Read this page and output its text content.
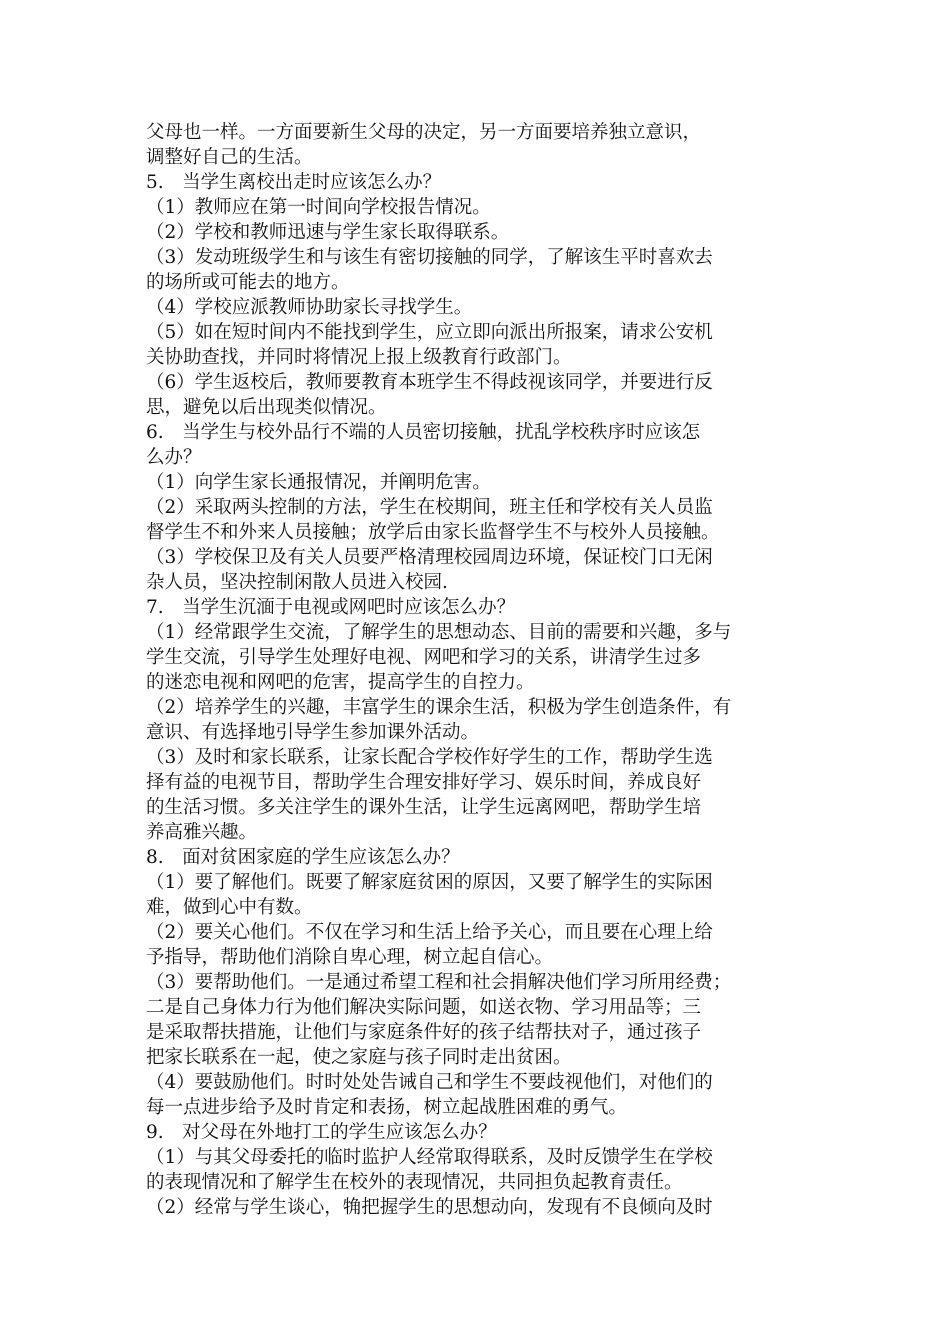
父母也一样。一方面要新生父母的决定，另一方面要培养独立意识，
调整好自己的生活。
5.　当学生离校出走时应该怎么办？
（1）教师应在第一时间向学校报告情况。
（2）学校和教师迅速与学生家长取得联系。
（3）发动班级学生和与该生有密切接触的同学，了解该生平时喜欢去
的场所或可能去的地方。
（4）学校应派教师协助家长寻找学生。
（5）如在短时间内不能找到学生，应立即向派出所报案，请求公安机
关协助查找，并同时将情况上报上级教育行政部门。
（6）学生返校后，教师要教育本班学生不得歧视该同学，并要进行反
思，避免以后出现类似情况。
6.　当学生与校外品行不端的人员密切接触，扰乱学校秩序时应该怎
么办？
（1）向学生家长通报情况，并阐明危害。
（2）采取两头控制的方法，学生在校期间，班主任和学校有关人员监
督学生不和外来人员接触；放学后由家长监督学生不与校外人员接触。
（3）学校保卫及有关人员要严格清理校园周边环境，保证校门口无闲
杂人员，坚决控制闲散人员进入校园.
7.　当学生沉湎于电视或网吧时应该怎么办？
（1）经常跟学生交流，了解学生的思想动态、目前的需要和兴趣，多与
学生交流，引导学生处理好电视、网吧和学习的关系，讲清学生过多
的迷恋电视和网吧的危害，提高学生的自控力。
（2）培养学生的兴趣，丰富学生的课余生活，积极为学生创造条件，有
意识、有选择地引导学生参加课外活动。
（3）及时和家长联系，让家长配合学校作好学生的工作，帮助学生选
择有益的电视节目，帮助学生合理安排好学习、娱乐时间，养成良好
的生活习惯。多关注学生的课外生活，让学生远离网吧，帮助学生培
养高雅兴趣。
8.　面对贫困家庭的学生应该怎么办？
（1）要了解他们。既要了解家庭贫困的原因，又要了解学生的实际困
难，做到心中有数。
（2）要关心他们。不仅在学习和生活上给予关心，而且要在心理上给
予指导，帮助他们消除自卑心理，树立起自信心。
（3）要帮助他们。一是通过希望工程和社会捐解决他们学习所用经费；
二是自己身体力行为他们解决实际问题，如送衣物、学习用品等；三
是采取帮扶措施，让他们与家庭条件好的孩子结帮扶对子，通过孩子
把家长联系在一起，使之家庭与孩子同时走出贫困。
（4）要鼓励他们。时时处处告诫自己和学生不要歧视他们，对他们的
每一点进步给予及时肯定和表扬，树立起战胜困难的勇气。
9.　对父母在外地打工的学生应该怎么办？
（1）与其父母委托的临时监护人经常取得联系，及时反馈学生在学校
的表现情况和了解学生在校外的表现情况，共同担负起教育责任。
（2）经常与学生谈心，觕把握学生的思想动向，发现有不良倾向及时
